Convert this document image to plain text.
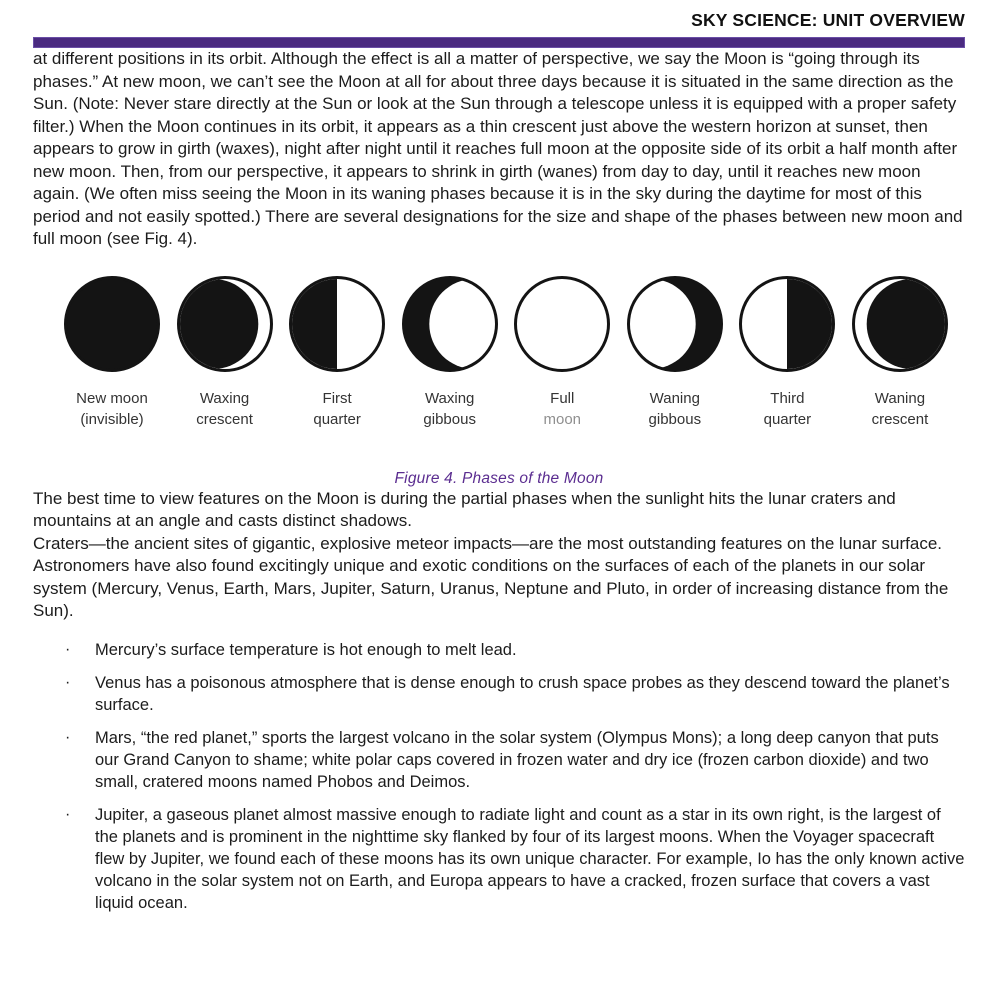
SKY SCIENCE: UNIT OVERVIEW

at different positions in its orbit. Although the effect is all a matter of perspective, we say the Moon is “going through its phases.” At new moon, we can’t see the Moon at all for about three days because it is situated in the same direction as the Sun. (Note: Never stare directly at the Sun or look at the Sun through a telescope unless it is equipped with a proper safety filter.) When the Moon continues in its orbit, it appears as a thin crescent just above the western horizon at sunset, then appears to grow in girth (waxes), night after night until it reaches full moon at the opposite side of its orbit a half month after new moon. Then, from our perspective, it appears to shrink in girth (wanes) from day to day, until it reaches new moon again. (We often miss seeing the Moon in its waning phases because it is in the sky during the daytime for most of this period and not easily spotted.) There are several designations for the size and shape of the phases between new moon and full moon (see Fig. 4).

New moon
(invisible)
Waxing
crescent
First
quarter
Waxing
gibbous
Full
moon
Waning
gibbous
Third
quarter
Waning
crescent
Figure 4. Phases of the Moon

The best time to view features on the Moon is during the partial phases when the sunlight hits the lunar craters and mountains at an angle and casts distinct shadows.

Craters—the ancient sites of gigantic, explosive meteor impacts—are the most outstanding features on the lunar surface. Astronomers have also found excitingly unique and exotic conditions on the surfaces of each of the planets in our solar system (Mercury, Venus, Earth, Mars, Jupiter, Saturn, Uranus, Neptune and Pluto, in order of increasing distance from the Sun).

·	Mercury’s surface temperature is hot enough to melt lead.
·	Venus has a poisonous atmosphere that is dense enough to crush space probes as they descend toward the planet’s surface.
·	Mars, “the red planet,” sports the largest volcano in the solar system (Olympus Mons); a long deep canyon that puts our Grand Canyon to shame; white polar caps covered in frozen water and dry ice (frozen carbon dioxide) and two small, cratered moons named Phobos and Deimos.
·	Jupiter, a gaseous planet almost massive enough to radiate light and count as a star in its own right, is the largest of the planets and is prominent in the nighttime sky flanked by four of its largest moons. When the Voyager spacecraft flew by Jupiter, we found each of these moons has its own unique character. For example, Io has the only known active volcano in the solar system not on Earth, and Europa appears to have a cracked, frozen surface that covers a vast liquid ocean.
